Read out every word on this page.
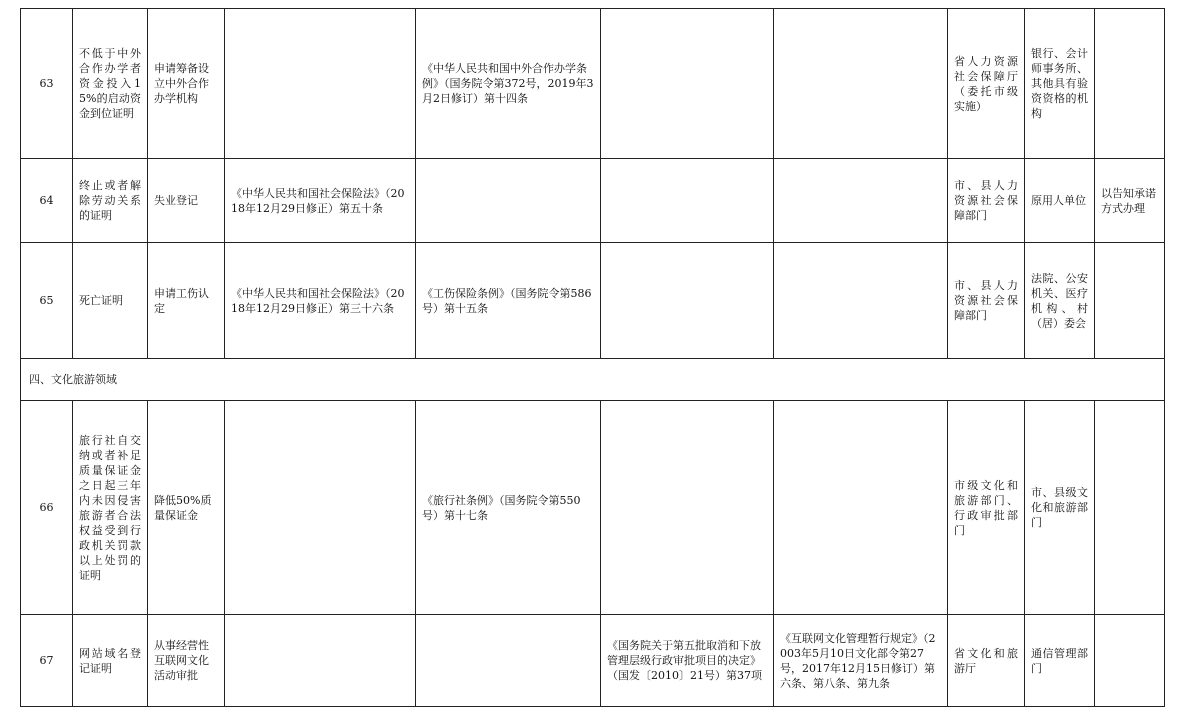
63	不低于中外合作办学者资金投入15%的启动资金到位证明	申请筹备设立中外合作办学机构		《中华人民共和国中外合作办学条例》（国务院令第372号，2019年3月2日修订）第十四条			省人力资源社会保障厅（委托市级实施）	银行、会计师事务所、其他具有验资资格的机构	
64	终止或者解除劳动关系的证明	失业登记	《中华人民共和国社会保险法》（2018年12月29日修正）第五十条				市、县人力资源社会保障部门	原用人单位	以告知承诺方式办理
65	死亡证明	申请工伤认定	《中华人民共和国社会保险法》（2018年12月29日修正）第三十六条	《工伤保险条例》（国务院令第586号）第十五条			市、县人力资源社会保障部门	法院、公安机关、医疗机构、村（居）委会	
四、文化旅游领域									
66	旅行社自交纳或者补足质量保证金之日起三年内未因侵害旅游者合法权益受到行政机关罚款以上处罚的证明	降低50%质量保证金		《旅行社条例》（国务院令第550号）第十七条			市级文化和旅游部门、行政审批部门	市、县级文化和旅游部门	
67	网站域名登记证明	从事经营性互联网文化活动审批			《国务院关于第五批取消和下放管理层级行政审批项目的决定》（国发〔2010〕21号）第37项	《互联网文化管理暂行规定》（2003年5月10日文化部令第27号，2017年12月15日修订）第六条、第八条、第九条	省文化和旅游厅	通信管理部门	
